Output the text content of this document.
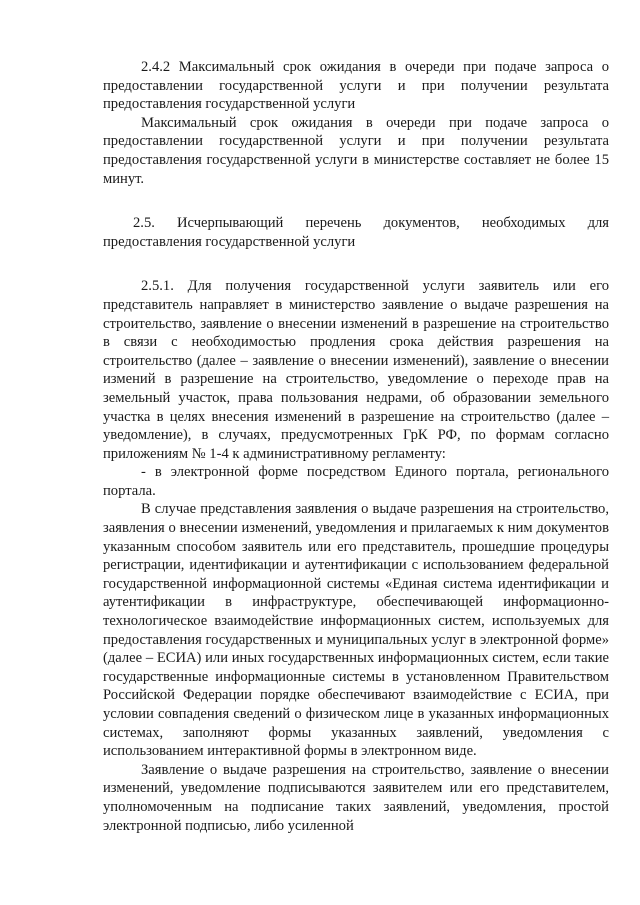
2.4.2 Максимальный срок ожидания в очереди при подаче запроса о предоставлении государственной услуги и при получении результата предоставления государственной услуги

Максимальный срок ожидания в очереди при подаче запроса о предоставлении государственной услуги и при получении результата предоставления государственной услуги в министерстве составляет не более 15 минут.

2.5. Исчерпывающий перечень документов, необходимых для предоставления государственной услуги

2.5.1. Для получения государственной услуги заявитель или его представитель направляет в министерство заявление о выдаче разрешения на строительство, заявление о внесении изменений в разрешение на строительство в связи с необходимостью продления срока действия разрешения на строительство (далее – заявление о внесении изменений), заявление о внесении измений в разрешение на строительство, уведомление о переходе прав на земельный участок, права пользования недрами, об образовании земельного участка в целях внесения изменений в разрешение на строительство (далее – уведомление), в случаях, предусмотренных ГрК РФ, по формам согласно приложениям № 1-4 к административному регламенту:

- в электронной форме посредством Единого портала, регионального портала.

В случае представления заявления о выдаче разрешения на строительство, заявления о внесении изменений, уведомления и прилагаемых к ним документов указанным способом заявитель или его представитель, прошедшие процедуры регистрации, идентификации и аутентификации с использованием федеральной государственной информационной системы «Единая система идентификации и аутентификации в инфраструктуре, обеспечивающей информационно-технологическое взаимодействие информационных систем, используемых для предоставления государственных и муниципальных услуг в электронной форме» (далее – ЕСИА) или иных государственных информационных систем, если такие государственные информационные системы в установленном Правительством Российской Федерации порядке обеспечивают взаимодействие с ЕСИА, при условии совпадения сведений о физическом лице в указанных информационных системах, заполняют формы указанных заявлений, уведомления с использованием интерактивной формы в электронном виде.

Заявление о выдаче разрешения на строительство, заявление о внесении изменений, уведомление подписываются заявителем или его представителем, уполномоченным на подписание таких заявлений, уведомления, простой электронной подписью, либо усиленной
